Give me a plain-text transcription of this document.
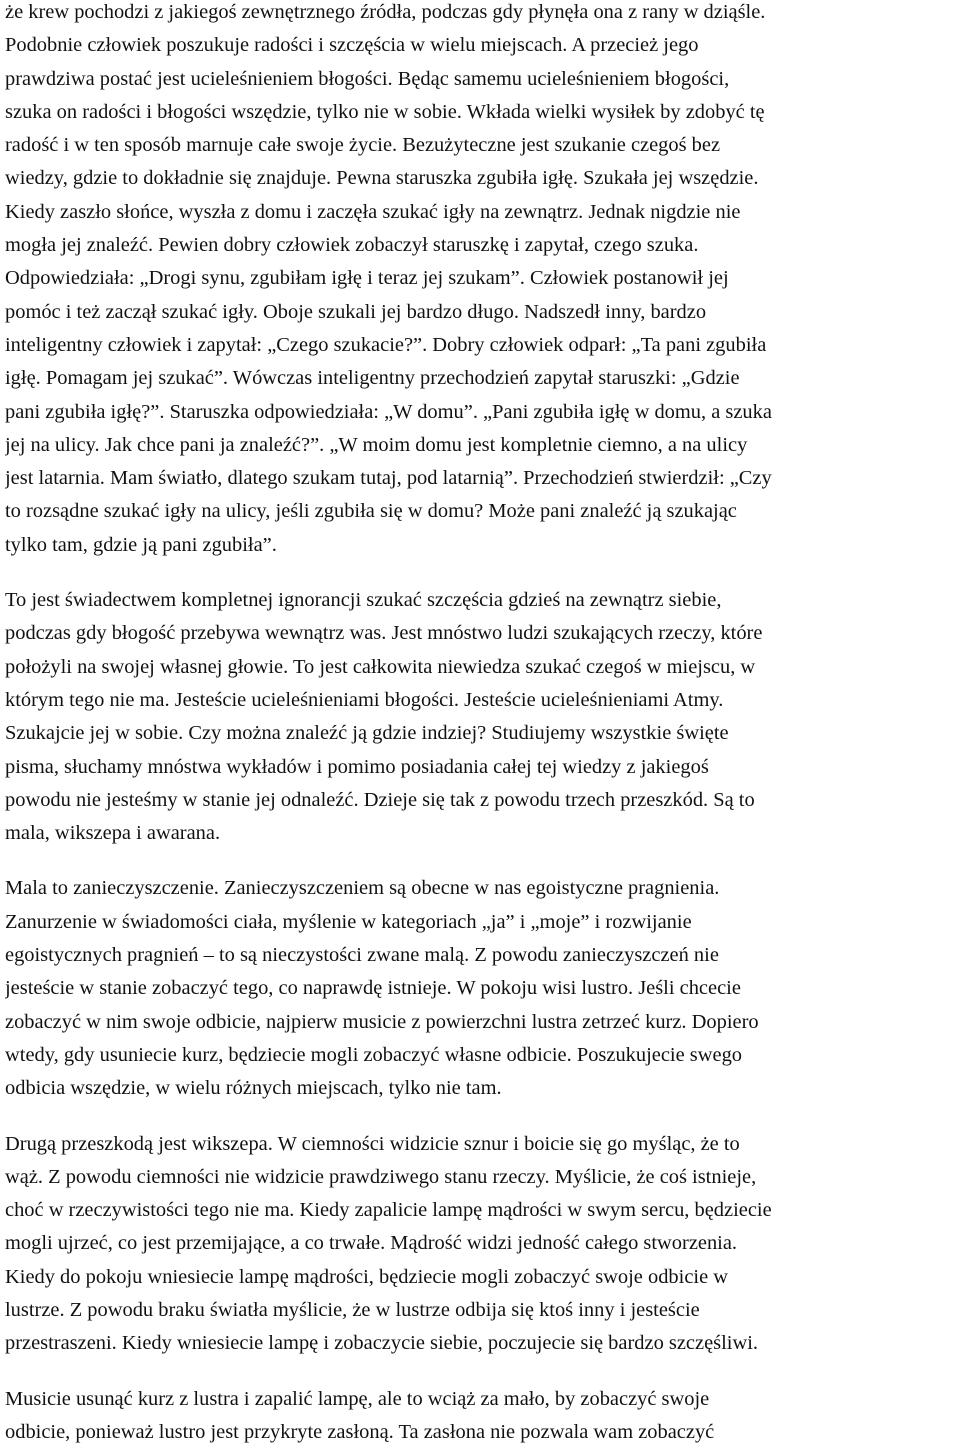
że krew pochodzi z jakiegoś zewnętrznego źródła, podczas gdy płynęła ona z rany w dziąśle.
Podobnie człowiek poszukuje radości i szczęścia w wielu miejscach. A przecież jego
prawdziwa postać jest ucieleśnieniem błogości. Będąc samemu ucieleśnieniem błogości,
szuka on radości i błogości wszędzie, tylko nie w sobie. Wkłada wielki wysiłek by zdobyć tę
radość i w ten sposób marnuje całe swoje życie. Bezużyteczne jest szukanie czegoś bez
wiedzy, gdzie to dokładnie się znajduje. Pewna staruszka zgubiła igłę. Szukała jej wszędzie.
Kiedy zaszło słońce, wyszła z domu i zaczęła szukać igły na zewnątrz. Jednak nigdzie nie
mogła jej znaleźć. Pewien dobry człowiek zobaczył staruszkę i zapytał, czego szuka.
Odpowiedziała: „Drogi synu, zgubiłam igłę i teraz jej szukam”. Człowiek postanowił jej
pomóc i też zaczął szukać igły. Oboje szukali jej bardzo długo. Nadszedł inny, bardzo
inteligentny człowiek i zapytał: „Czego szukacie?”. Dobry człowiek odparł: „Ta pani zgubiła
igłę. Pomagam jej szukać”. Wówczas inteligentny przechodzień zapytał staruszki: „Gdzie
pani zgubiła igłę?”. Staruszka odpowiedziała: „W domu”. „Pani zgubiła igłę w domu, a szuka
jej na ulicy. Jak chce pani ja znaleźć?”. „W moim domu jest kompletnie ciemno, a na ulicy
jest latarnia. Mam światło, dlatego szukam tutaj, pod latarnią”. Przechodzień stwierdził: „Czy
to rozsądne szukać igły na ulicy, jeśli zgubiła się w domu? Może pani znaleźć ją szukając
tylko tam, gdzie ją pani zgubiła”.

To jest świadectwem kompletnej ignorancji szukać szczęścia gdzieś na zewnątrz siebie,
podczas gdy błogość przebywa wewnątrz was. Jest mnóstwo ludzi szukających rzeczy, które
położyli na swojej własnej głowie. To jest całkowita niewiedza szukać czegoś w miejscu, w
którym tego nie ma. Jesteście ucieleśnieniami błogości. Jesteście ucieleśnieniami Atmy.
Szukajcie jej w sobie. Czy można znaleźć ją gdzie indziej? Studiujemy wszystkie święte
pisma, słuchamy mnóstwa wykładów i pomimo posiadania całej tej wiedzy z jakiegoś
powodu nie jesteśmy w stanie jej odnaleźć. Dzieje się tak z powodu trzech przeszkód. Są to
mala, wikszepa i awarana.

Mala to zanieczyszczenie. Zanieczyszczeniem są obecne w nas egoistyczne pragnienia.
Zanurzenie w świadomości ciała, myślenie w kategoriach „ja” i „moje” i rozwijanie
egoistycznych pragnień – to są nieczystości zwane malą. Z powodu zanieczyszczeń nie
jesteście w stanie zobaczyć tego, co naprawdę istnieje. W pokoju wisi lustro. Jeśli chcecie
zobaczyć w nim swoje odbicie, najpierw musicie z powierzchni lustra zetrzeć kurz. Dopiero
wtedy, gdy usuniecie kurz, będziecie mogli zobaczyć własne odbicie. Poszukujecie swego
odbicia wszędzie, w wielu różnych miejscach, tylko nie tam.

Drugą przeszkodą jest wikszepa. W ciemności widzicie sznur i boicie się go myśląc, że to
wąż. Z powodu ciemności nie widzicie prawdziwego stanu rzeczy. Myślicie, że coś istnieje,
choć w rzeczywistości tego nie ma. Kiedy zapalicie lampę mądrości w swym sercu, będziecie
mogli ujrzeć, co jest przemijające, a co trwałe. Mądrość widzi jedność całego stworzenia.
Kiedy do pokoju wniesiecie lampę mądrości, będziecie mogli zobaczyć swoje odbicie w
lustrze. Z powodu braku światła myślicie, że w lustrze odbija się ktoś inny i jesteście
przestraszeni. Kiedy wniesiecie lampę i zobaczycie siebie, poczujecie się bardzo szczęśliwi.

Musicie usunąć kurz z lustra i zapalić lampę, ale to wciąż za mało, by zobaczyć swoje
odbicie, ponieważ lustro jest przykryte zasłoną. Ta zasłona nie pozwala wam zobaczyć
